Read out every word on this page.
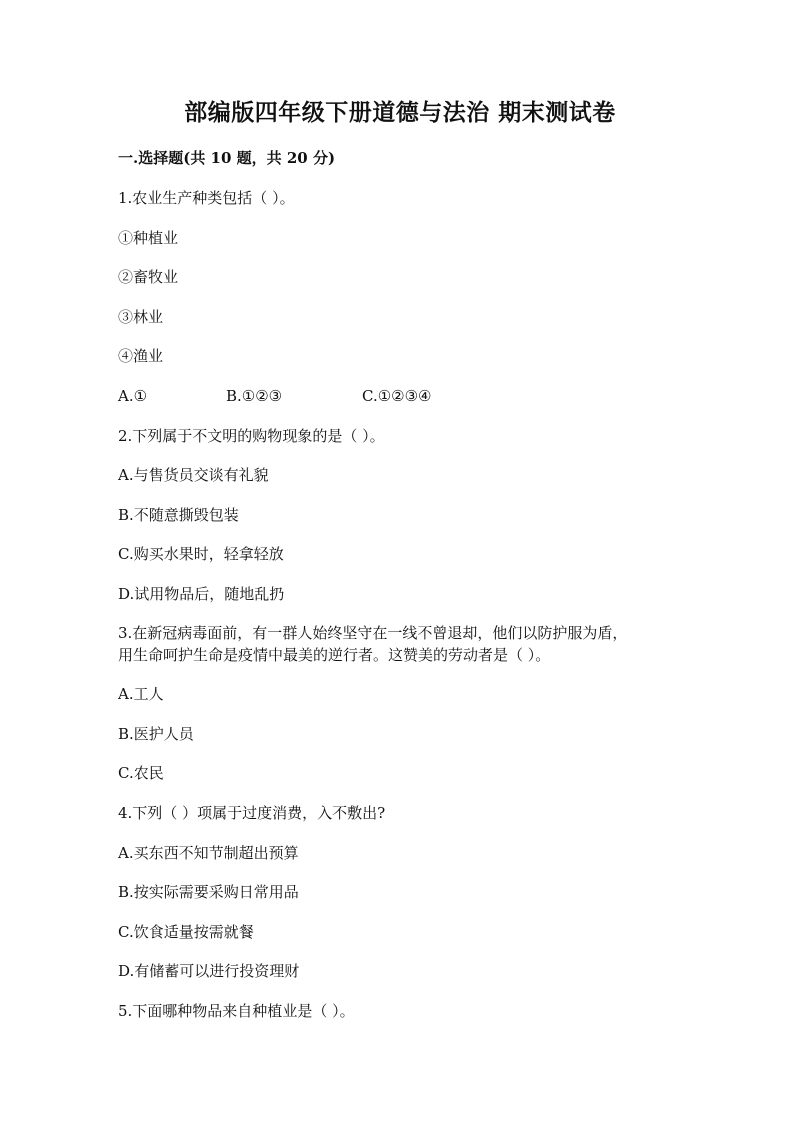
部编版四年级下册道德与法治 期末测试卷
一.选择题(共 10 题，共 20 分)
1.农业生产种类包括（ ）。
①种植业
②畜牧业
③林业
④渔业
A.①	B.①②③	C.①②③④
2.下列属于不文明的购物现象的是（ ）。
A.与售货员交谈有礼貌
B.不随意撕毁包装
C.购买水果时，轻拿轻放
D.试用物品后，随地乱扔
3.在新冠病毒面前，有一群人始终坚守在一线不曾退却，他们以防护服为盾，
用生命呵护生命是疫情中最美的逆行者。这赞美的劳动者是（ ）。
A.工人
B.医护人员
C.农民
4.下列（ ）项属于过度消费，入不敷出?
A.买东西不知节制超出预算
B.按实际需要采购日常用品
C.饮食适量按需就餐
D.有储蓄可以进行投资理财
5.下面哪种物品来自种植业是（ ）。
